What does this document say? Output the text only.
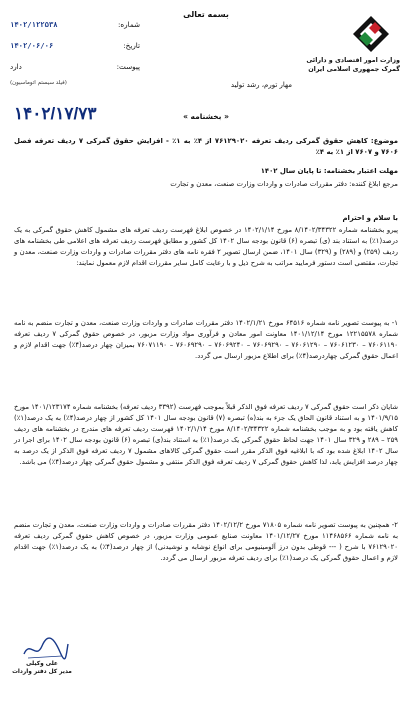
بسمه تعالی
وزارت امور اقتصادی و دارائی
گمرک جمهوری اسلامی ایران
شماره:
۱۴۰۲/۱۲۲۵۳۸
تاریخ:
۱۴۰۲/۰۶/۰۶
پیوست:
دارد
(فیلد سیستم اتوماسیون)	مهار تورم، رشد تولید
۱۴۰۲/۱۷/۷۳	« بخشنامه »
موضوع: کاهش حقوق گمرکی ردیف تعرفه ۷۶۱۲۹۰۲۰ از ۴٪ به ۱٪ - افزایش حقوق گمرکی ۷ ردیف تعرفه فصل ۷۶۰۶ و ۷۶۰۷ از ۱٪ به ۴٪
مهلت اعتبار بخشنامه: تا پایان سال ۱۴۰۲
مرجع ابلاغ کننده: دفتر مقررات صادرات و واردات وزارت صنعت، معدن و تجارت
با سلام و احترام
پیرو بخشنامه شماره ۸/۱۴۰۲/۳۴۳۲۲ مورخ ۱۴۰۲/۱/۱۴ در خصوص ابلاغ فهرست ردیف تعرفه های مشمول کاهش حقوق گمرکی به یک درصد(۱٪) به استناد بند (ی) تبصره (۶) قانون بودجه سال ۱۴۰۲ کل کشور و مطابق فهرست ردیف تعرفه های اعلامی طی بخشنامه های ردیف (۲۵۹) و (۲۸۹) و (۳۲۹) سال ۱۴۰۱، ضمن ارسال تصویر ۲ فقره نامه های دفتر مقررات صادرات و واردات وزارت صنعت، معدن و تجارت، مقتضی است دستور فرمایید مراتب به شرح ذیل و با رعایت کامل سایر مقررات اقدام لازم معمول نمایند:
۱- به پیوست تصویر نامه شماره ۶۴۵۱۶ مورخ ۱۴۰۲/۱/۲۱ دفتر مقررات صادرات و واردات وزارت صنعت، معدن و تجارت منضم به نامه شماره ۱۲۲۱۵۵۷۸ مورخ ۱۴۰۱/۱۲/۱۴ معاونت امور معادن و فرآوری مواد وزارت مزبور، در خصوص حقوق گمرکی ۷ ردیف تعرفه ۷۶۰۶۱۱۹۰ – ۷۶۰۶۱۲۳۰ – ۷۶۰۶۱۲۹۰ – ۷۶۰۶۹۲۹۰ – ۷۶۰۶۹۲۴۰ – ۷۶۰۶۹۲۹۰ – ۷۶۰۷۱۱۹۰ بمیزان چهار درصد(۴٪) جهت اقدام لازم و اعمال حقوق گمرکی چهاردرصد(۴٪) برای اطلاع مزبور ارسال می گردد.
شایان ذکر است حقوق گمرکی ۷ ردیف تعرفه فوق الذکر قبلاً بموجب فهرست (۳۳۹۲ ردیف تعرفه) بخشنامه شماره ۱۴۰۱/۱۲۳۱۷۴ مورخ ۱۴۰۱/۹/۱۵ و به استناد قانون الحاق یک جزء به بند(ه) تبصره (۷) قانون بودجه سال ۱۴۰۱ کل کشور از چهار درصد(۴٪) به یک درصد(۱٪) کاهش یافته بود و به موجب بخشنامه شماره ۸/۱۴۰۲/۳۴۳۲۲ مورخ ۱۴۰۲/۱/۱۴ فهرست ردیف تعرفه های مندرج در بخشنامه های ردیف ۲۵۹ – ۲۸۹ و ۳۲۹ سال ۱۴۰۱ جهت لحاظ حقوق گمرکی یک درصد(۱٪) به استناد بند(ی) تبصره (۶) قانون بودجه سال ۱۴۰۲ برای اجرا در سال ۱۴۰۲ ابلاغ شده بود که با ابلاغیه فوق الذکر مقرر است حقوق گمرکی کالاهای مشمول ۷ ردیف تعرفه فوق الذکر از یک درصد به چهار درصد افزایش یابد، لذا کاهش حقوق گمرکی ۷ ردیف تعرفه فوق الذکر منتفی و مشمول حقوق گمرکی چهار درصد(۴٪) می باشد.
۲- همچنین به پیوست تصویر نامه شماره ۷۱۸۰۵ مورخ ۱۴۰۲/۱۲/۲ دفتر مقررات صادرات و واردات وزارت صنعت، معدن و تجارت منضم به نامه شماره ۱۱۴۶۸۵۶۶ مورخ ۱۴۰۱/۱۲/۲۷ معاونت صنایع عمومی وزارت مزبور، در خصوص کاهش حقوق گمرکی ردیف تعرفه ۷۶۱۲۹۰۲۰ با شرح ( --- قوطی بدون درز آلومینیومی برای انواع نوشابه و نوشیدنی) از چهار درصد(۴٪) به یک درصد(۱٪) جهت اقدام لازم و اعمال حقوق گمرکی یک درصد(۱٪) برای ردیف تعرفه مزبور ارسال می گردد.
علی وکیلی
مدیر کل دفتر واردات
